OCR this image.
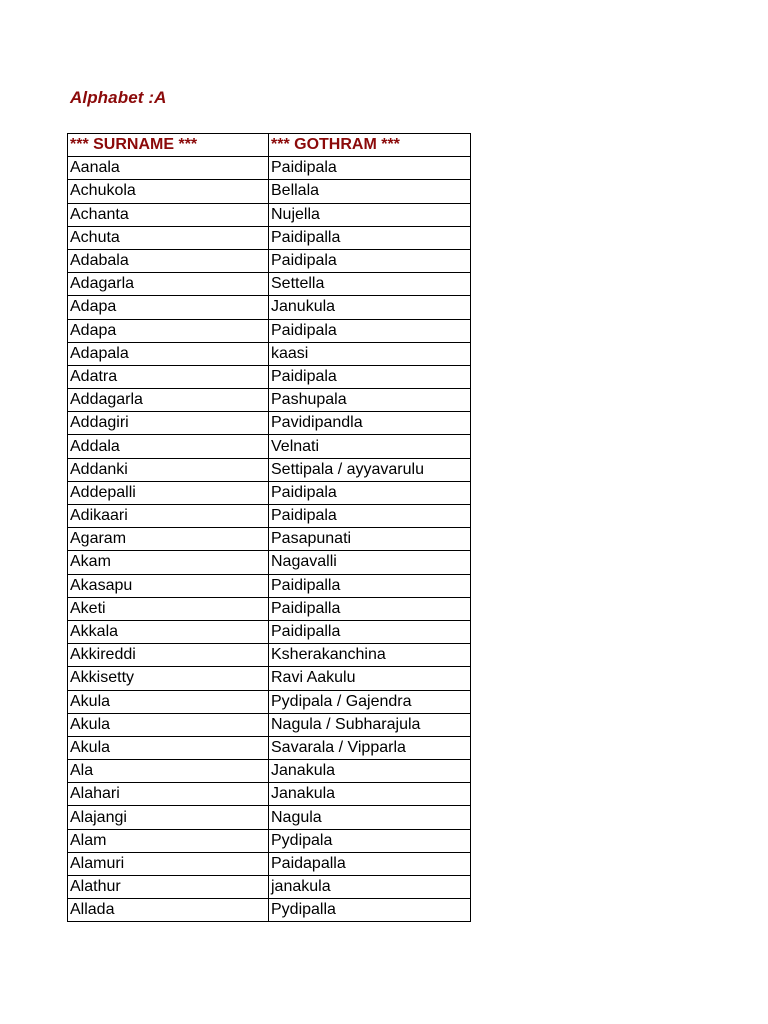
Alphabet :A
*** SURNAME ***	*** GOTHRAM ***
Aanala	Paidipala
Achukola	Bellala
Achanta	Nujella
Achuta	Paidipalla
Adabala	Paidipala
Adagarla	Settella
Adapa	Janukula
Adapa	Paidipala
Adapala	kaasi
Adatra	Paidipala
Addagarla	Pashupala
Addagiri	Pavidipandla
Addala	Velnati
Addanki	Settipala / ayyavarulu
Addepalli	Paidipala
Adikaari	Paidipala
Agaram	Pasapunati
Akam	Nagavalli
Akasapu	Paidipalla
Aketi	Paidipalla
Akkala	Paidipalla
Akkireddi	Ksherakanchina
Akkisetty	Ravi Aakulu
Akula	Pydipala / Gajendra
Akula	Nagula / Subharajula
Akula	Savarala / Vipparla
Ala	Janakula
Alahari	Janakula
Alajangi	Nagula
Alam	Pydipala
Alamuri	Paidapalla
Alathur	janakula
Allada	Pydipalla
